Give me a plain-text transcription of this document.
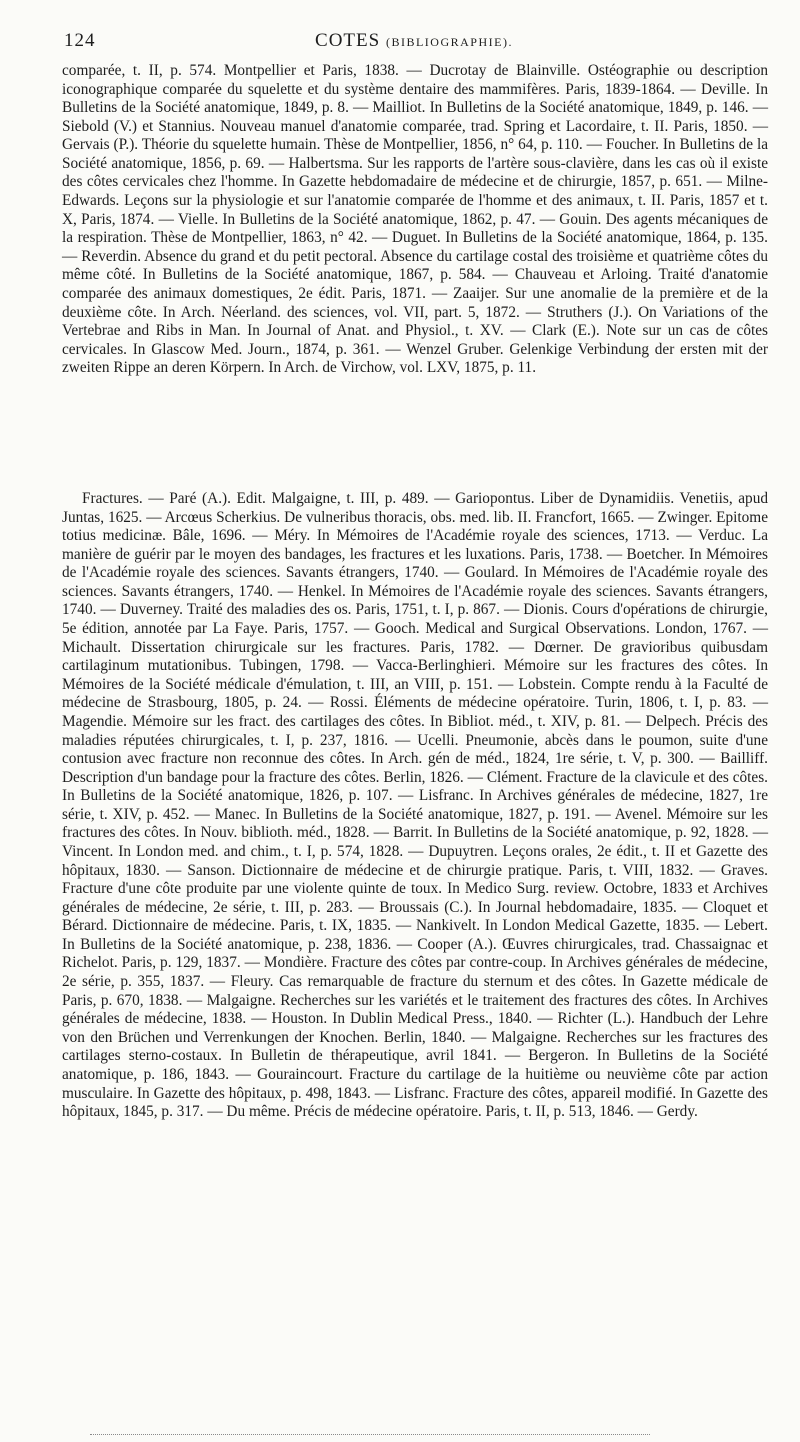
124	COTES (BIBLIOGRAPHIE).
comparée, t. II, p. 574. Montpellier et Paris, 1838. — Ducrotay de Blainville. Ostéographie ou description iconographique comparée du squelette et du système dentaire des mammifères. Paris, 1839-1864. — Deville. In Bulletins de la Société anatomique, 1849, p. 8. — Mailliot. In Bulletins de la Société anatomique, 1849, p. 146. — Siebold (V.) et Stannius. Nouveau manuel d'anatomie comparée, trad. Spring et Lacordaire, t. II. Paris, 1850. — Gervais (P.). Théorie du squelette humain. Thèse de Montpellier, 1856, n° 64, p. 110. — Foucher. In Bulletins de la Société anatomique, 1856, p. 69. — Halbertsma. Sur les rapports de l'artère sous-clavière, dans les cas où il existe des côtes cervicales chez l'homme. In Gazette hebdomadaire de médecine et de chirurgie, 1857, p. 651. — Milne-Edwards. Leçons sur la physiologie et sur l'anatomie comparée de l'homme et des animaux, t. II. Paris, 1857 et t. X, Paris, 1874. — Vielle. In Bulletins de la Société anatomique, 1862, p. 47. — Gouin. Des agents mécaniques de la respiration. Thèse de Montpellier, 1863, n° 42. — Duguet. In Bulletins de la Société anatomique, 1864, p. 135. — Reverdin. Absence du grand et du petit pectoral. Absence du cartilage costal des troisième et quatrième côtes du même côté. In Bulletins de la Société anatomique, 1867, p. 584. — Chauveau et Arloing. Traité d'anatomie comparée des animaux domestiques, 2e édit. Paris, 1871. — Zaaijer. Sur une anomalie de la première et de la deuxième côte. In Arch. Néerland. des sciences, vol. VII, part. 5, 1872. — Struthers (J.). On Variations of the Vertebrae and Ribs in Man. In Journal of Anat. and Physiol., t. XV. — Clark (E.). Note sur un cas de côtes cervicales. In Glascow Med. Journ., 1874, p. 361. — Wenzel Gruber. Gelenkige Verbindung der ersten mit der zweiten Rippe an deren Körpern. In Arch. de Virchow, vol. LXV, 1875, p. 11.
Fractures. — Paré (A.). Edit. Malgaigne, t. III, p. 489. — Gariopontus. Liber de Dynamidiis. Venetiis, apud Juntas, 1625. — Arcœus Scherkius. De vulneribus thoracis, obs. med. lib. II. Francfort, 1665. — Zwinger. Epitome totius medicinæ. Bâle, 1696. — Méry. In Mémoires de l'Académie royale des sciences, 1713. — Verduc. La manière de guérir par le moyen des bandages, les fractures et les luxations. Paris, 1738. — Boetcher. In Mémoires de l'Académie royale des sciences. Savants étrangers, 1740. — Goulard. In Mémoires de l'Académie royale des sciences. Savants étrangers, 1740. — Henkel. In Mémoires de l'Académie royale des sciences. Savants étrangers, 1740. — Duverney. Traité des maladies des os. Paris, 1751, t. I, p. 867. — Dionis. Cours d'opérations de chirurgie, 5e édition, annotée par La Faye. Paris, 1757. — Gooch. Medical and Surgical Observations. London, 1767. — Michault. Dissertation chirurgicale sur les fractures. Paris, 1782. — Dœrner. De gravioribus quibusdam cartilaginum mutationibus. Tubingen, 1798. — Vacca-Berlinghieri. Mémoire sur les fractures des côtes. In Mémoires de la Société médicale d'émulation, t. III, an VIII, p. 151. — Lobstein. Compte rendu à la Faculté de médecine de Strasbourg, 1805, p. 24. — Rossi. Éléments de médecine opératoire. Turin, 1806, t. I, p. 83. — Magendie. Mémoire sur les fract. des cartilages des côtes. In Bibliot. méd., t. XIV, p. 81. — Delpech. Précis des maladies réputées chirurgicales, t. I, p. 237, 1816. — Ucelli. Pneumonie, abcès dans le poumon, suite d'une contusion avec fracture non reconnue des côtes. In Arch. gén de méd., 1824, 1re série, t. V, p. 300. — Bailliff. Description d'un bandage pour la fracture des côtes. Berlin, 1826. — Clément. Fracture de la clavicule et des côtes. In Bulletins de la Société anatomique, 1826, p. 107. — Lisfranc. In Archives générales de médecine, 1827, 1re série, t. XIV, p. 452. — Manec. In Bulletins de la Société anatomique, 1827, p. 191. — Avenel. Mémoire sur les fractures des côtes. In Nouv. biblioth. méd., 1828. — Barrit. In Bulletins de la Société anatomique, p. 92, 1828. — Vincent. In London med. and chim., t. I, p. 574, 1828. — Dupuytren. Leçons orales, 2e édit., t. II et Gazette des hôpitaux, 1830. — Sanson. Dictionnaire de médecine et de chirurgie pratique. Paris, t. VIII, 1832. — Graves. Fracture d'une côte produite par une violente quinte de toux. In Medico Surg. review. Octobre, 1833 et Archives générales de médecine, 2e série, t. III, p. 283. — Broussais (C.). In Journal hebdomadaire, 1835. — Cloquet et Bérard. Dictionnaire de médecine. Paris, t. IX, 1835. — Nankivelt. In London Medical Gazette, 1835. — Lebert. In Bulletins de la Société anatomique, p. 238, 1836. — Cooper (A.). Œuvres chirurgicales, trad. Chassaignac et Richelot. Paris, p. 129, 1837. — Mondière. Fracture des côtes par contre-coup. In Archives générales de médecine, 2e série, p. 355, 1837. — Fleury. Cas remarquable de fracture du sternum et des côtes. In Gazette médicale de Paris, p. 670, 1838. — Malgaigne. Recherches sur les variétés et le traitement des fractures des côtes. In Archives générales de médecine, 1838. — Houston. In Dublin Medical Press., 1840. — Richter (L.). Handbuch der Lehre von den Brüchen und Verrenkungen der Knochen. Berlin, 1840. — Malgaigne. Recherches sur les fractures des cartilages sterno-costaux. In Bulletin de thérapeutique, avril 1841. — Bergeron. In Bulletins de la Société anatomique, p. 186, 1843. — Gouraincourt. Fracture du cartilage de la huitième ou neuvième côte par action musculaire. In Gazette des hôpitaux, p. 498, 1843. — Lisfranc. Fracture des côtes, appareil modifié. In Gazette des hôpitaux, 1845, p. 317. — Du même. Précis de médecine opératoire. Paris, t. II, p. 513, 1846. — Gerdy.
